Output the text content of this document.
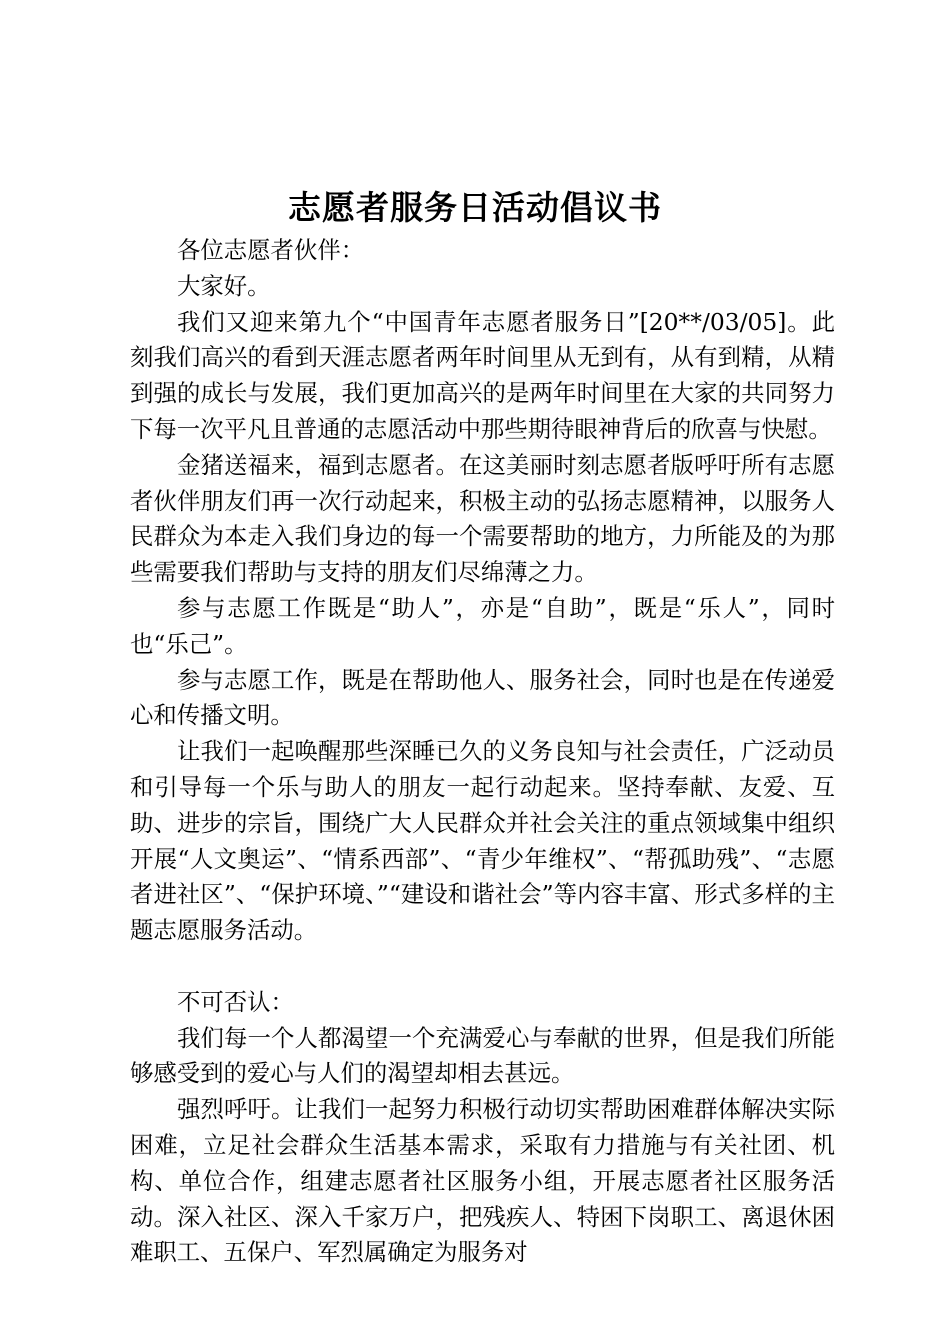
志愿者服务日活动倡议书

各位志愿者伙伴：

大家好。

我们又迎来第九个“中国青年志愿者服务日”[20**/03/05]。此刻我们高兴的看到天涯志愿者两年时间里从无到有，从有到精，从精到强的成长与发展，我们更加高兴的是两年时间里在大家的共同努力下每一次平凡且普通的志愿活动中那些期待眼神背后的欣喜与快慰。

金猪送福来，福到志愿者。在这美丽时刻志愿者版呼吁所有志愿者伙伴朋友们再一次行动起来，积极主动的弘扬志愿精神，以服务人民群众为本走入我们身边的每一个需要帮助的地方，力所能及的为那些需要我们帮助与支持的朋友们尽绵薄之力。

参与志愿工作既是“助人”，亦是“自助”，既是“乐人”，同时也“乐己”。

参与志愿工作，既是在帮助他人、服务社会，同时也是在传递爱心和传播文明。

让我们一起唤醒那些深睡已久的义务良知与社会责任，广泛动员和引导每一个乐与助人的朋友一起行动起来。坚持奉献、友爱、互助、进步的宗旨，围绕广大人民群众并社会关注的重点领域集中组织开展“人文奥运”、“情系西部”、“青少年维权”、“帮孤助残”、“志愿者进社区”、“保护环境、”“建设和谐社会”等内容丰富、形式多样的主题志愿服务活动。

不可否认：

我们每一个人都渴望一个充满爱心与奉献的世界，但是我们所能够感受到的爱心与人们的渴望却相去甚远。

强烈呼吁。让我们一起努力积极行动切实帮助困难群体解决实际困难，立足社会群众生活基本需求，采取有力措施与有关社团、机构、单位合作，组建志愿者社区服务小组，开展志愿者社区服务活动。深入社区、深入千家万户，把残疾人、特困下岗职工、离退休困难职工、五保户、军烈属确定为服务对
